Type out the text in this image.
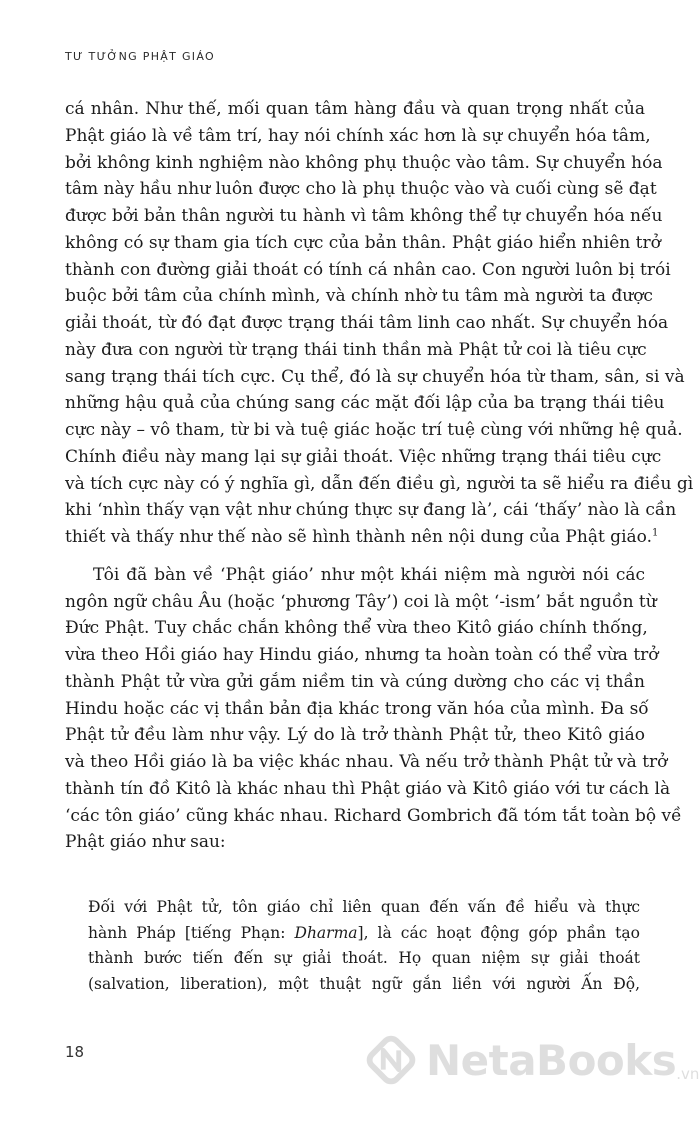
TƯ TƯỞNG PHẬT GIÁO
cá nhân. Như thế, mối quan tâm hàng đầu và quan trọng nhất của
Phật giáo là về tâm trí, hay nói chính xác hơn là sự chuyển hóa tâm,
bởi không kinh nghiệm nào không phụ thuộc vào tâm. Sự chuyển hóa
tâm này hầu như luôn được cho là phụ thuộc vào và cuối cùng sẽ đạt
được bởi bản thân người tu hành vì tâm không thể tự chuyển hóa nếu
không có sự tham gia tích cực của bản thân. Phật giáo hiển nhiên trở
thành con đường giải thoát có tính cá nhân cao. Con người luôn bị trói
buộc bởi tâm của chính mình, và chính nhờ tu tâm mà người ta được
giải thoát, từ đó đạt được trạng thái tâm linh cao nhất. Sự chuyển hóa
này đưa con người từ trạng thái tinh thần mà Phật tử coi là tiêu cực
sang trạng thái tích cực. Cụ thể, đó là sự chuyển hóa từ tham, sân, si và
những hậu quả của chúng sang các mặt đối lập của ba trạng thái tiêu
cực này – vô tham, từ bi và tuệ giác hoặc trí tuệ cùng với những hệ quả.
Chính điều này mang lại sự giải thoát. Việc những trạng thái tiêu cực
và tích cực này có ý nghĩa gì, dẫn đến điều gì, người ta sẽ hiểu ra điều gì
khi ‘nhìn thấy vạn vật như chúng thực sự đang là’, cái ‘thấy’ nào là cần
thiết và thấy như thế nào sẽ hình thành nên nội dung của Phật giáo.$^1$
Tôi đã bàn về ‘Phật giáo’ như một khái niệm mà người nói các
ngôn ngữ châu Âu (hoặc ‘phương Tây’) coi là một ‘-ism’ bắt nguồn từ
Đức Phật. Tuy chắc chắn không thể vừa theo Kitô giáo chính thống,
vừa theo Hồi giáo hay Hindu giáo, nhưng ta hoàn toàn có thể vừa trở
thành Phật tử vừa gửi gắm niềm tin và cúng dường cho các vị thần
Hindu hoặc các vị thần bản địa khác trong văn hóa của mình. Đa số
Phật tử đều làm như vậy. Lý do là trở thành Phật tử, theo Kitô giáo
và theo Hồi giáo là ba việc khác nhau. Và nếu trở thành Phật tử và trở
thành tín đồ Kitô là khác nhau thì Phật giáo và Kitô giáo với tư cách là
‘các tôn giáo’ cũng khác nhau. Richard Gombrich đã tóm tắt toàn bộ về
Phật giáo như sau:
Đối với Phật tử, tôn giáo chỉ liên quan đến vấn đề hiểu và thực
hành Pháp [tiếng Phạn: Dharma], là các hoạt động góp phần tạo
thành bước tiến đến sự giải thoát. Họ quan niệm sự giải thoát
(salvation, liberation), một thuật ngữ gắn liền với người Ấn Độ,
18	NetaBooks .vn
